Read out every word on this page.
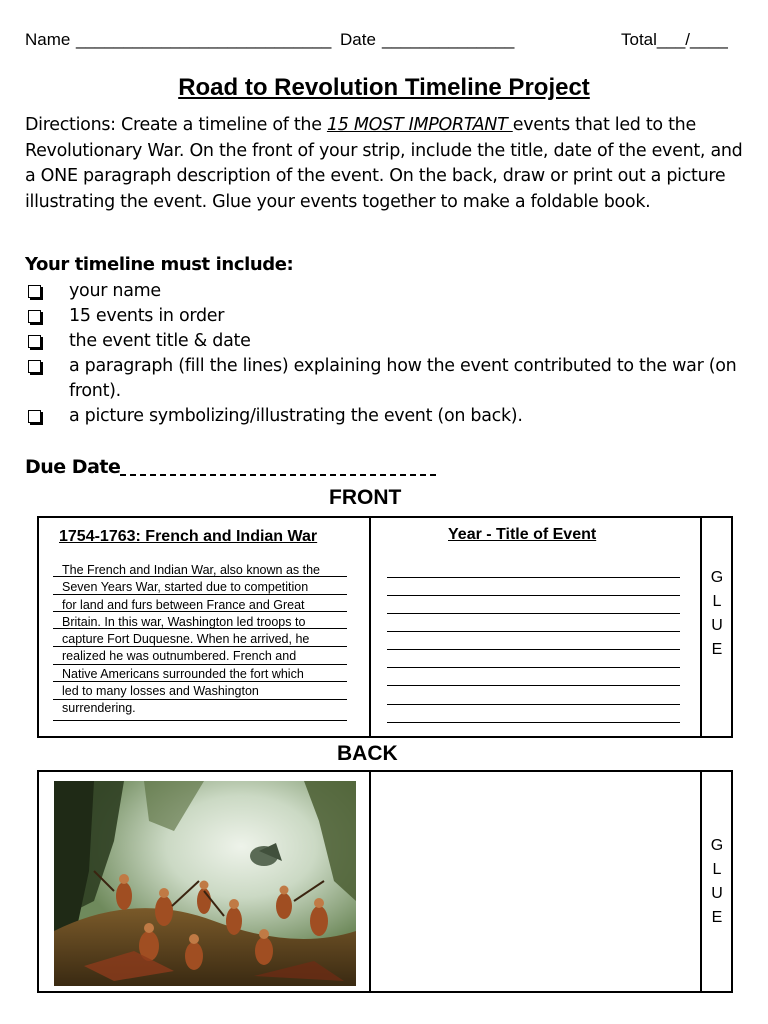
Name ___________________________ Date ______________	Total___/____
Road to Revolution Timeline Project
Directions: Create a timeline of the 15 MOST IMPORTANT events that led to the Revolutionary War. On the front of your strip, include the title, date of the event, and a ONE paragraph description of the event. On the back, draw or print out a picture illustrating the event. Glue your events together to make a foldable book.
Your timeline must include:
your name
15 events in order
the event title & date
a paragraph (fill the lines) explaining how the event contributed to the war (on front).
a picture symbolizing/illustrating the event (on back).
Due Date
FRONT
1754-1763: French and Indian War
The French and Indian War, also known as the
Seven Years War, started due to competition
for land and furs between France and Great
Britain. In this war, Washington led troops to
capture Fort Duquesne. When he arrived, he
realized he was outnumbered. French and
Native Americans surrounded the fort which
led to many losses and Washington
surrendering.
Year - Title of Event
G
L
U
E
BACK
G
L
U
E
